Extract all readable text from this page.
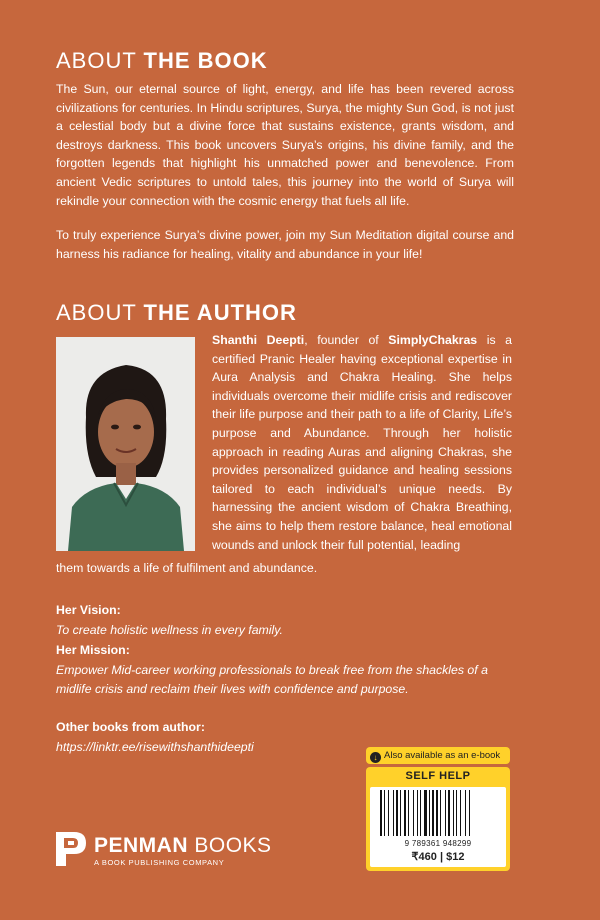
ABOUT THE BOOK

The Sun, our eternal source of light, energy, and life has been revered across civilizations for centuries. In Hindu scriptures, Surya, the mighty Sun God, is not just a celestial body but a divine force that sustains existence, grants wisdom, and destroys darkness. This book uncovers Surya’s origins, his divine family, and the forgotten legends that highlight his unmatched power and benevolence. From ancient Vedic scriptures to untold tales, this journey into the world of Surya will rekindle your connection with the cosmic energy that fuels all life.

To truly experience Surya’s divine power, join my Sun Meditation digital course and harness his radiance for healing, vitality and abundance in your life!

ABOUT THE AUTHOR

Shanthi Deepti, founder of SimplyChakras is a certified Pranic Healer having exceptional expertise in Aura Analysis and Chakra Healing. She helps individuals overcome their midlife crisis and rediscover their life purpose and their path to a life of Clarity, Life’s purpose and Abundance. Through her holistic approach in reading Auras and aligning Chakras, she provides personalized guidance and healing sessions tailored to each individual’s unique needs. By harnessing the ancient wisdom of Chakra Breathing, she aims to help them restore balance, heal emotional wounds and unlock their full potential, leading

them towards a life of fulfilment and abundance.

Her Vision:

To create holistic wellness in every family.

Her Mission:

Empower Mid-career working professionals to break free from the shackles of a midlife crisis and reclaim their lives with confidence and purpose.

Other books from author:

https://linktr.ee/risewithshanthideepti

PENMAN BOOKS
A BOOK PUBLISHING COMPANY
↓ Also available as an e-book
SELF HELP
9 789361 948299
₹460 | $12
